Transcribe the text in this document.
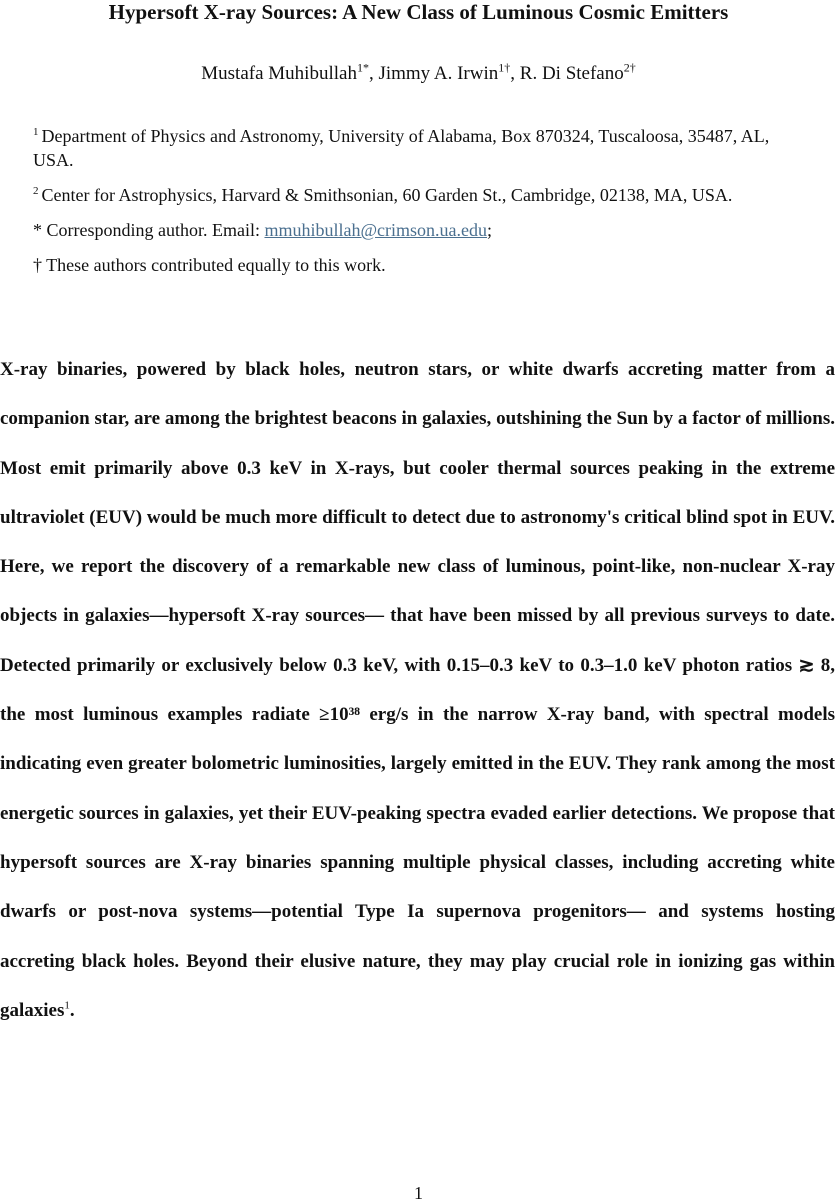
Hypersoft X-ray Sources: A New Class of Luminous Cosmic Emitters

Mustafa Muhibullah$^{1*}$, Jimmy A. Irwin$^{1\dagger}$, R. Di Stefano$^{2\dagger}$

$^1$ Department of Physics and Astronomy, University of Alabama, Box 870324, Tuscaloosa, 35487, AL, USA.

$^2$ Center for Astrophysics, Harvard & Smithsonian, 60 Garden St., Cambridge, 02138, MA, USA.

* Corresponding author. Email: mmuhibullah@crimson.ua.edu;

† These authors contributed equally to this work.

X-ray binaries, powered by black holes, neutron stars, or white dwarfs accreting matter from a companion star, are among the brightest beacons in galaxies, outshining the Sun by a factor of millions. Most emit primarily above 0.3 keV in X-rays, but cooler thermal sources peaking in the extreme ultraviolet (EUV) would be much more difficult to detect due to astronomy's critical blind spot in EUV. Here, we report the discovery of a remarkable new class of luminous, point-like, non-nuclear X-ray objects in galaxies—hypersoft X-ray sources— that have been missed by all previous surveys to date. Detected primarily or exclusively below 0.3 keV, with 0.15–0.3 keV to 0.3–1.0 keV photon ratios ≳ 8, the most luminous examples radiate ≥10³⁸ erg/s in the narrow X-ray band, with spectral models indicating even greater bolometric luminosities, largely emitted in the EUV. They rank among the most energetic sources in galaxies, yet their EUV-peaking spectra evaded earlier detections. We propose that hypersoft sources are X-ray binaries spanning multiple physical classes, including accreting white dwarfs or post-nova systems—potential Type Ia supernova progenitors— and systems hosting accreting black holes. Beyond their elusive nature, they may play crucial role in ionizing gas within galaxies$^1$.

1
